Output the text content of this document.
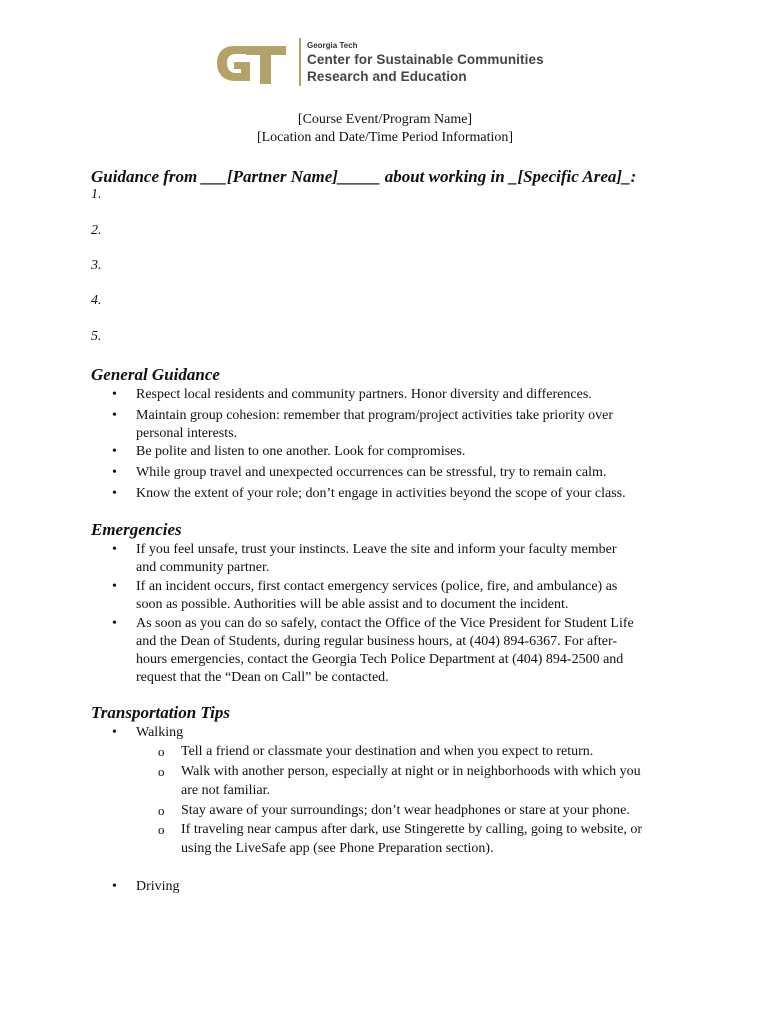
Georgia Tech
Center for Sustainable Communities
Research and Education
[Course Event/Program Name]
[Location and Date/Time Period Information]
Guidance from ___[Partner Name]_____ about working in _[Specific Area]_:
1.
2.
3.
4.
5.
General Guidance
• Respect local residents and community partners. Honor diversity and differences.
• Maintain group cohesion: remember that program/project activities take priority over
personal interests.
• Be polite and listen to one another. Look for compromises.
• While group travel and unexpected occurrences can be stressful, try to remain calm.
• Know the extent of your role; don’t engage in activities beyond the scope of your class.
Emergencies
• If you feel unsafe, trust your instincts. Leave the site and inform your faculty member
and community partner.
• If an incident occurs, first contact emergency services (police, fire, and ambulance) as
soon as possible. Authorities will be able assist and to document the incident.
• As soon as you can do so safely, contact the Office of the Vice President for Student Life
and the Dean of Students, during regular business hours, at (404) 894-6367. For after-
hours emergencies, contact the Georgia Tech Police Department at (404) 894-2500 and
request that the “Dean on Call” be contacted.
Transportation Tips
• Walking
o Tell a friend or classmate your destination and when you expect to return.
o Walk with another person, especially at night or in neighborhoods with which you
are not familiar.
o Stay aware of your surroundings; don’t wear headphones or stare at your phone.
o If traveling near campus after dark, use Stingerette by calling, going to website, or
using the LiveSafe app (see Phone Preparation section).
• Driving
